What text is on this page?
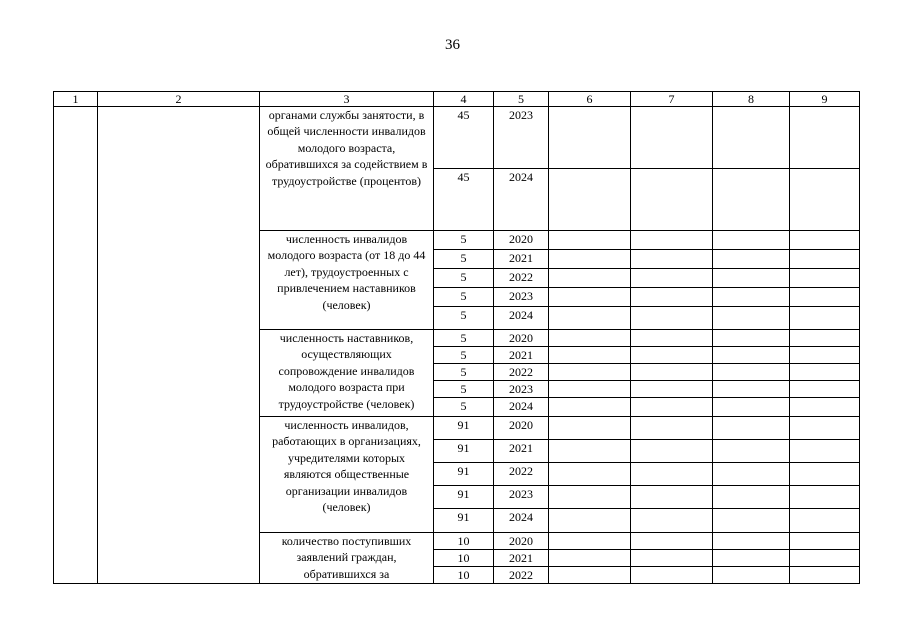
36
1	2	3	4	5	6	7	8	9
		органами службы занятости, в общей численности инвалидов молодого возраста, обратившихся за содействием в трудоустройстве (процентов)	45	2023				
			45	2024				
		численность инвалидов молодого возраста (от 18 до 44 лет), трудоустроенных с привлечением наставников (человек)	5	2020				
			5	2021				
			5	2022				
			5	2023				
			5	2024				
		численность наставников, осуществляющих сопровождение инвалидов молодого возраста при трудоустройстве (человек)	5	2020				
			5	2021				
			5	2022				
			5	2023				
			5	2024				
		численность инвалидов, работающих в организациях, учредителями которых являются общественные организации инвалидов (человек)	91	2020				
			91	2021				
			91	2022				
			91	2023				
			91	2024				
		количество поступивших заявлений граждан, обратившихся за	10	2020				
			10	2021				
			10	2022				
